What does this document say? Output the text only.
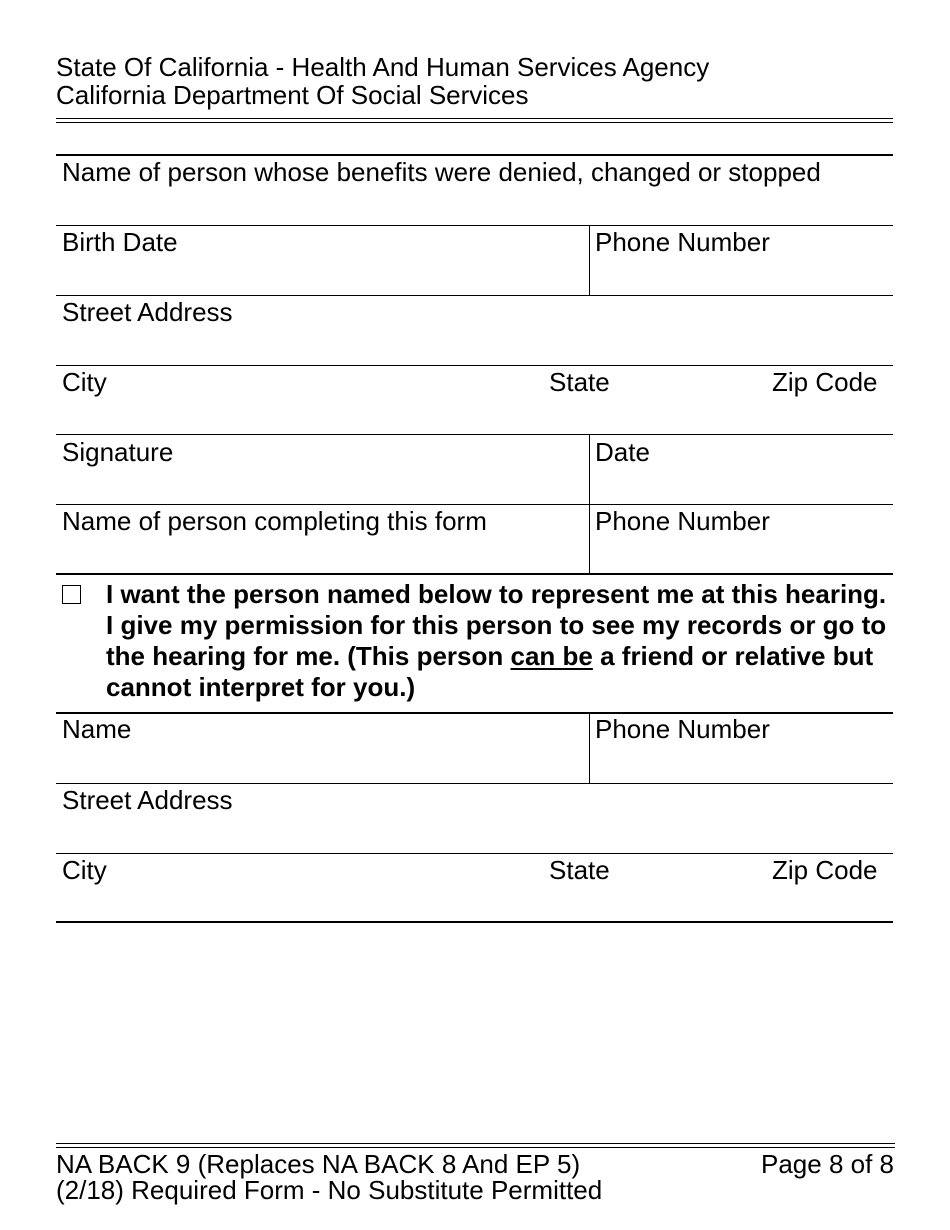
State Of California - Health And Human Services Agency
California Department Of Social Services
Name of person whose benefits were denied, changed or stopped
Birth Date	Phone Number
Street Address
City	State	Zip Code
Signature	Date
Name of person completing this form	Phone Number
I want the person named below to represent me at this hearing. I give my permission for this person to see my records or go to the hearing for me. (This person can be a friend or relative but cannot interpret for you.)
Name	Phone Number
Street Address
City	State	Zip Code
NA BACK 9 (Replaces NA BACK 8 And EP 5)	Page 8 of 8
(2/18) Required Form - No Substitute Permitted
